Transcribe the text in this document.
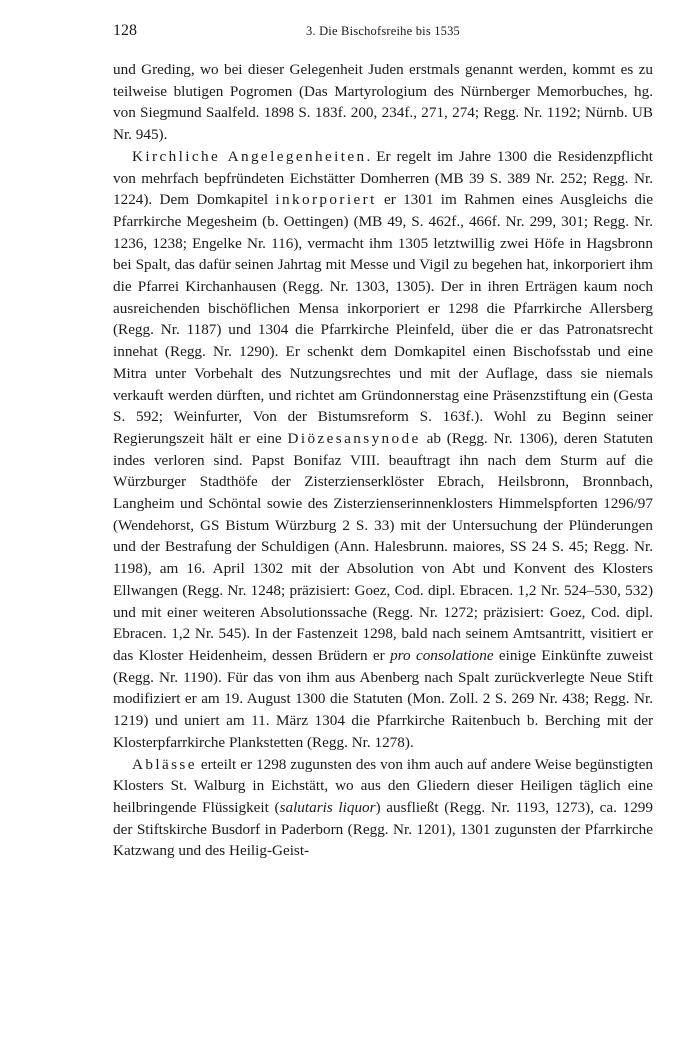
128	3. Die Bischofsreihe bis 1535

und Greding, wo bei dieser Gelegenheit Juden erstmals genannt werden, kommt es zu teilweise blutigen Pogromen (Das Martyrologium des Nürnberger Memorbuches, hg. von Siegmund Saalfeld. 1898 S. 183f. 200, 234f., 271, 274; Regg. Nr. 1192; Nürnb. UB Nr. 945).

Kirchliche Angelegenheiten. Er regelt im Jahre 1300 die Residenzpflicht von mehrfach bepfründeten Eichstätter Domherren (MB 39 S. 389 Nr. 252; Regg. Nr. 1224). Dem Domkapitel inkorporiert er 1301 im Rahmen eines Ausgleichs die Pfarrkirche Megesheim (b. Oettingen) (MB 49, S. 462f., 466f. Nr. 299, 301; Regg. Nr. 1236, 1238; Engelke Nr. 116), vermacht ihm 1305 letztwillig zwei Höfe in Hagsbronn bei Spalt, das dafür seinen Jahrtag mit Messe und Vigil zu begehen hat, inkorporiert ihm die Pfarrei Kirchanhausen (Regg. Nr. 1303, 1305). Der in ihren Erträgen kaum noch ausreichenden bischöflichen Mensa inkorporiert er 1298 die Pfarrkirche Allersberg (Regg. Nr. 1187) und 1304 die Pfarrkirche Pleinfeld, über die er das Patronatsrecht innehat (Regg. Nr. 1290). Er schenkt dem Domkapitel einen Bischofsstab und eine Mitra unter Vorbehalt des Nutzungsrechtes und mit der Auflage, dass sie niemals verkauft werden dürften, und richtet am Gründonnerstag eine Präsenzstiftung ein (Gesta S. 592; Weinfurter, Von der Bistumsreform S. 163f.). Wohl zu Beginn seiner Regierungszeit hält er eine Diözesansynode ab (Regg. Nr. 1306), deren Statuten indes verloren sind. Papst Bonifaz VIII. beauftragt ihn nach dem Sturm auf die Würzburger Stadthöfe der Zisterzienserklöster Ebrach, Heilsbronn, Bronnbach, Langheim und Schöntal sowie des Zisterzienserinnenklosters Himmelspforten 1296/97 (Wendehorst, GS Bistum Würzburg 2 S. 33) mit der Untersuchung der Plünderungen und der Bestrafung der Schuldigen (Ann. Halesbrunn. maiores, SS 24 S. 45; Regg. Nr. 1198), am 16. April 1302 mit der Absolution von Abt und Konvent des Klosters Ellwangen (Regg. Nr. 1248; präzisiert: Goez, Cod. dipl. Ebracen. 1,2 Nr. 524–530, 532) und mit einer weiteren Absolutionssache (Regg. Nr. 1272; präzisiert: Goez, Cod. dipl. Ebracen. 1,2 Nr. 545). In der Fastenzeit 1298, bald nach seinem Amtsantritt, visitiert er das Kloster Heidenheim, dessen Brüdern er pro consolatione einige Einkünfte zuweist (Regg. Nr. 1190). Für das von ihm aus Abenberg nach Spalt zurückverlegte Neue Stift modifiziert er am 19. August 1300 die Statuten (Mon. Zoll. 2 S. 269 Nr. 438; Regg. Nr. 1219) und uniert am 11. März 1304 die Pfarrkirche Raitenbuch b. Berching mit der Klosterpfarrkirche Plankstetten (Regg. Nr. 1278).

Ablässe erteilt er 1298 zugunsten des von ihm auch auf andere Weise begünstigten Klosters St. Walburg in Eichstätt, wo aus den Gliedern dieser Heiligen täglich eine heilbringende Flüssigkeit (salutaris liquor) ausfließt (Regg. Nr. 1193, 1273), ca. 1299 der Stiftskirche Busdorf in Paderborn (Regg. Nr. 1201), 1301 zugunsten der Pfarrkirche Katzwang und des Heilig-Geist-
